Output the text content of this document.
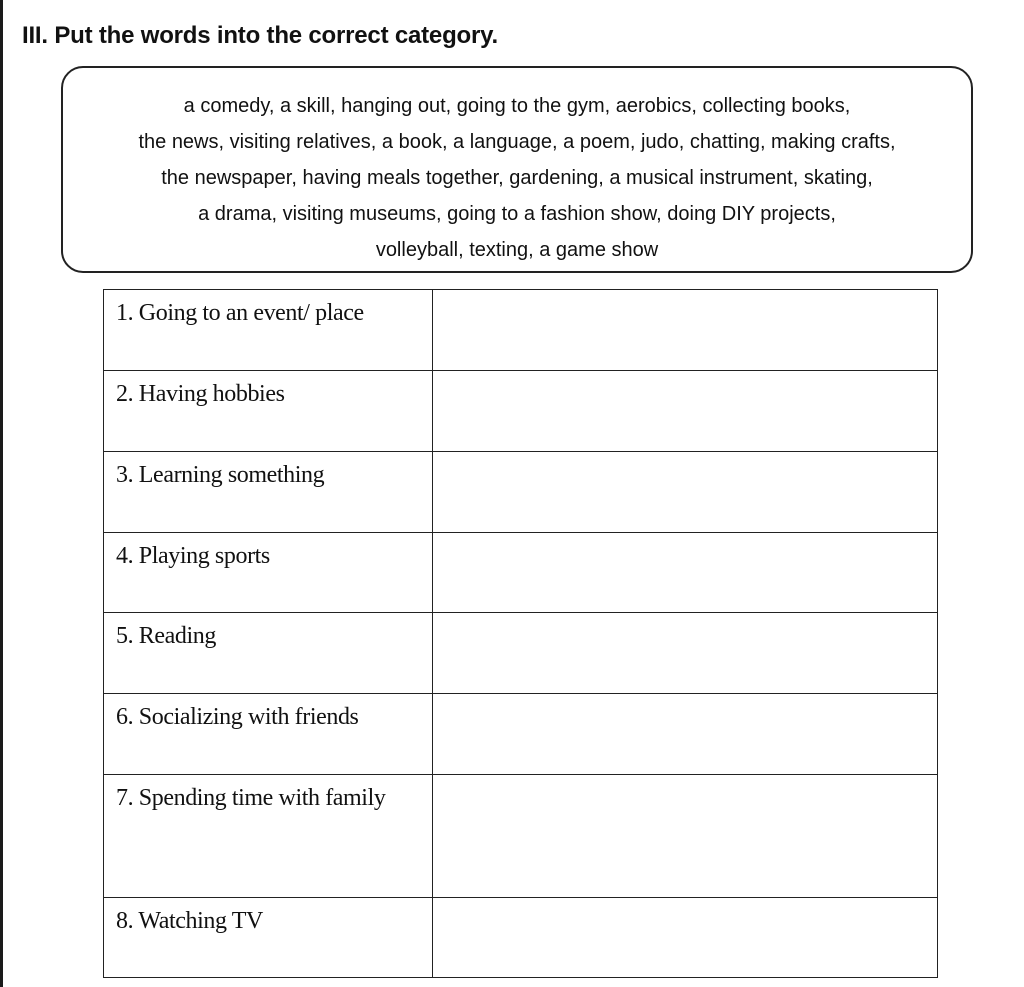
III. Put the words into the correct category.
a comedy, a skill, hanging out, going to the gym, aerobics, collecting books,
the news, visiting relatives, a book, a language, a poem, judo, chatting, making crafts,
the newspaper, having meals together, gardening, a musical instrument, skating,
a drama, visiting museums, going to a fashion show, doing DIY projects,
volleyball, texting, a game show
1. Going to an event/ place	
2. Having hobbies	
3. Learning something	
4. Playing sports	
5. Reading	
6. Socializing with friends	
7. Spending time with family	
8. Watching TV	
